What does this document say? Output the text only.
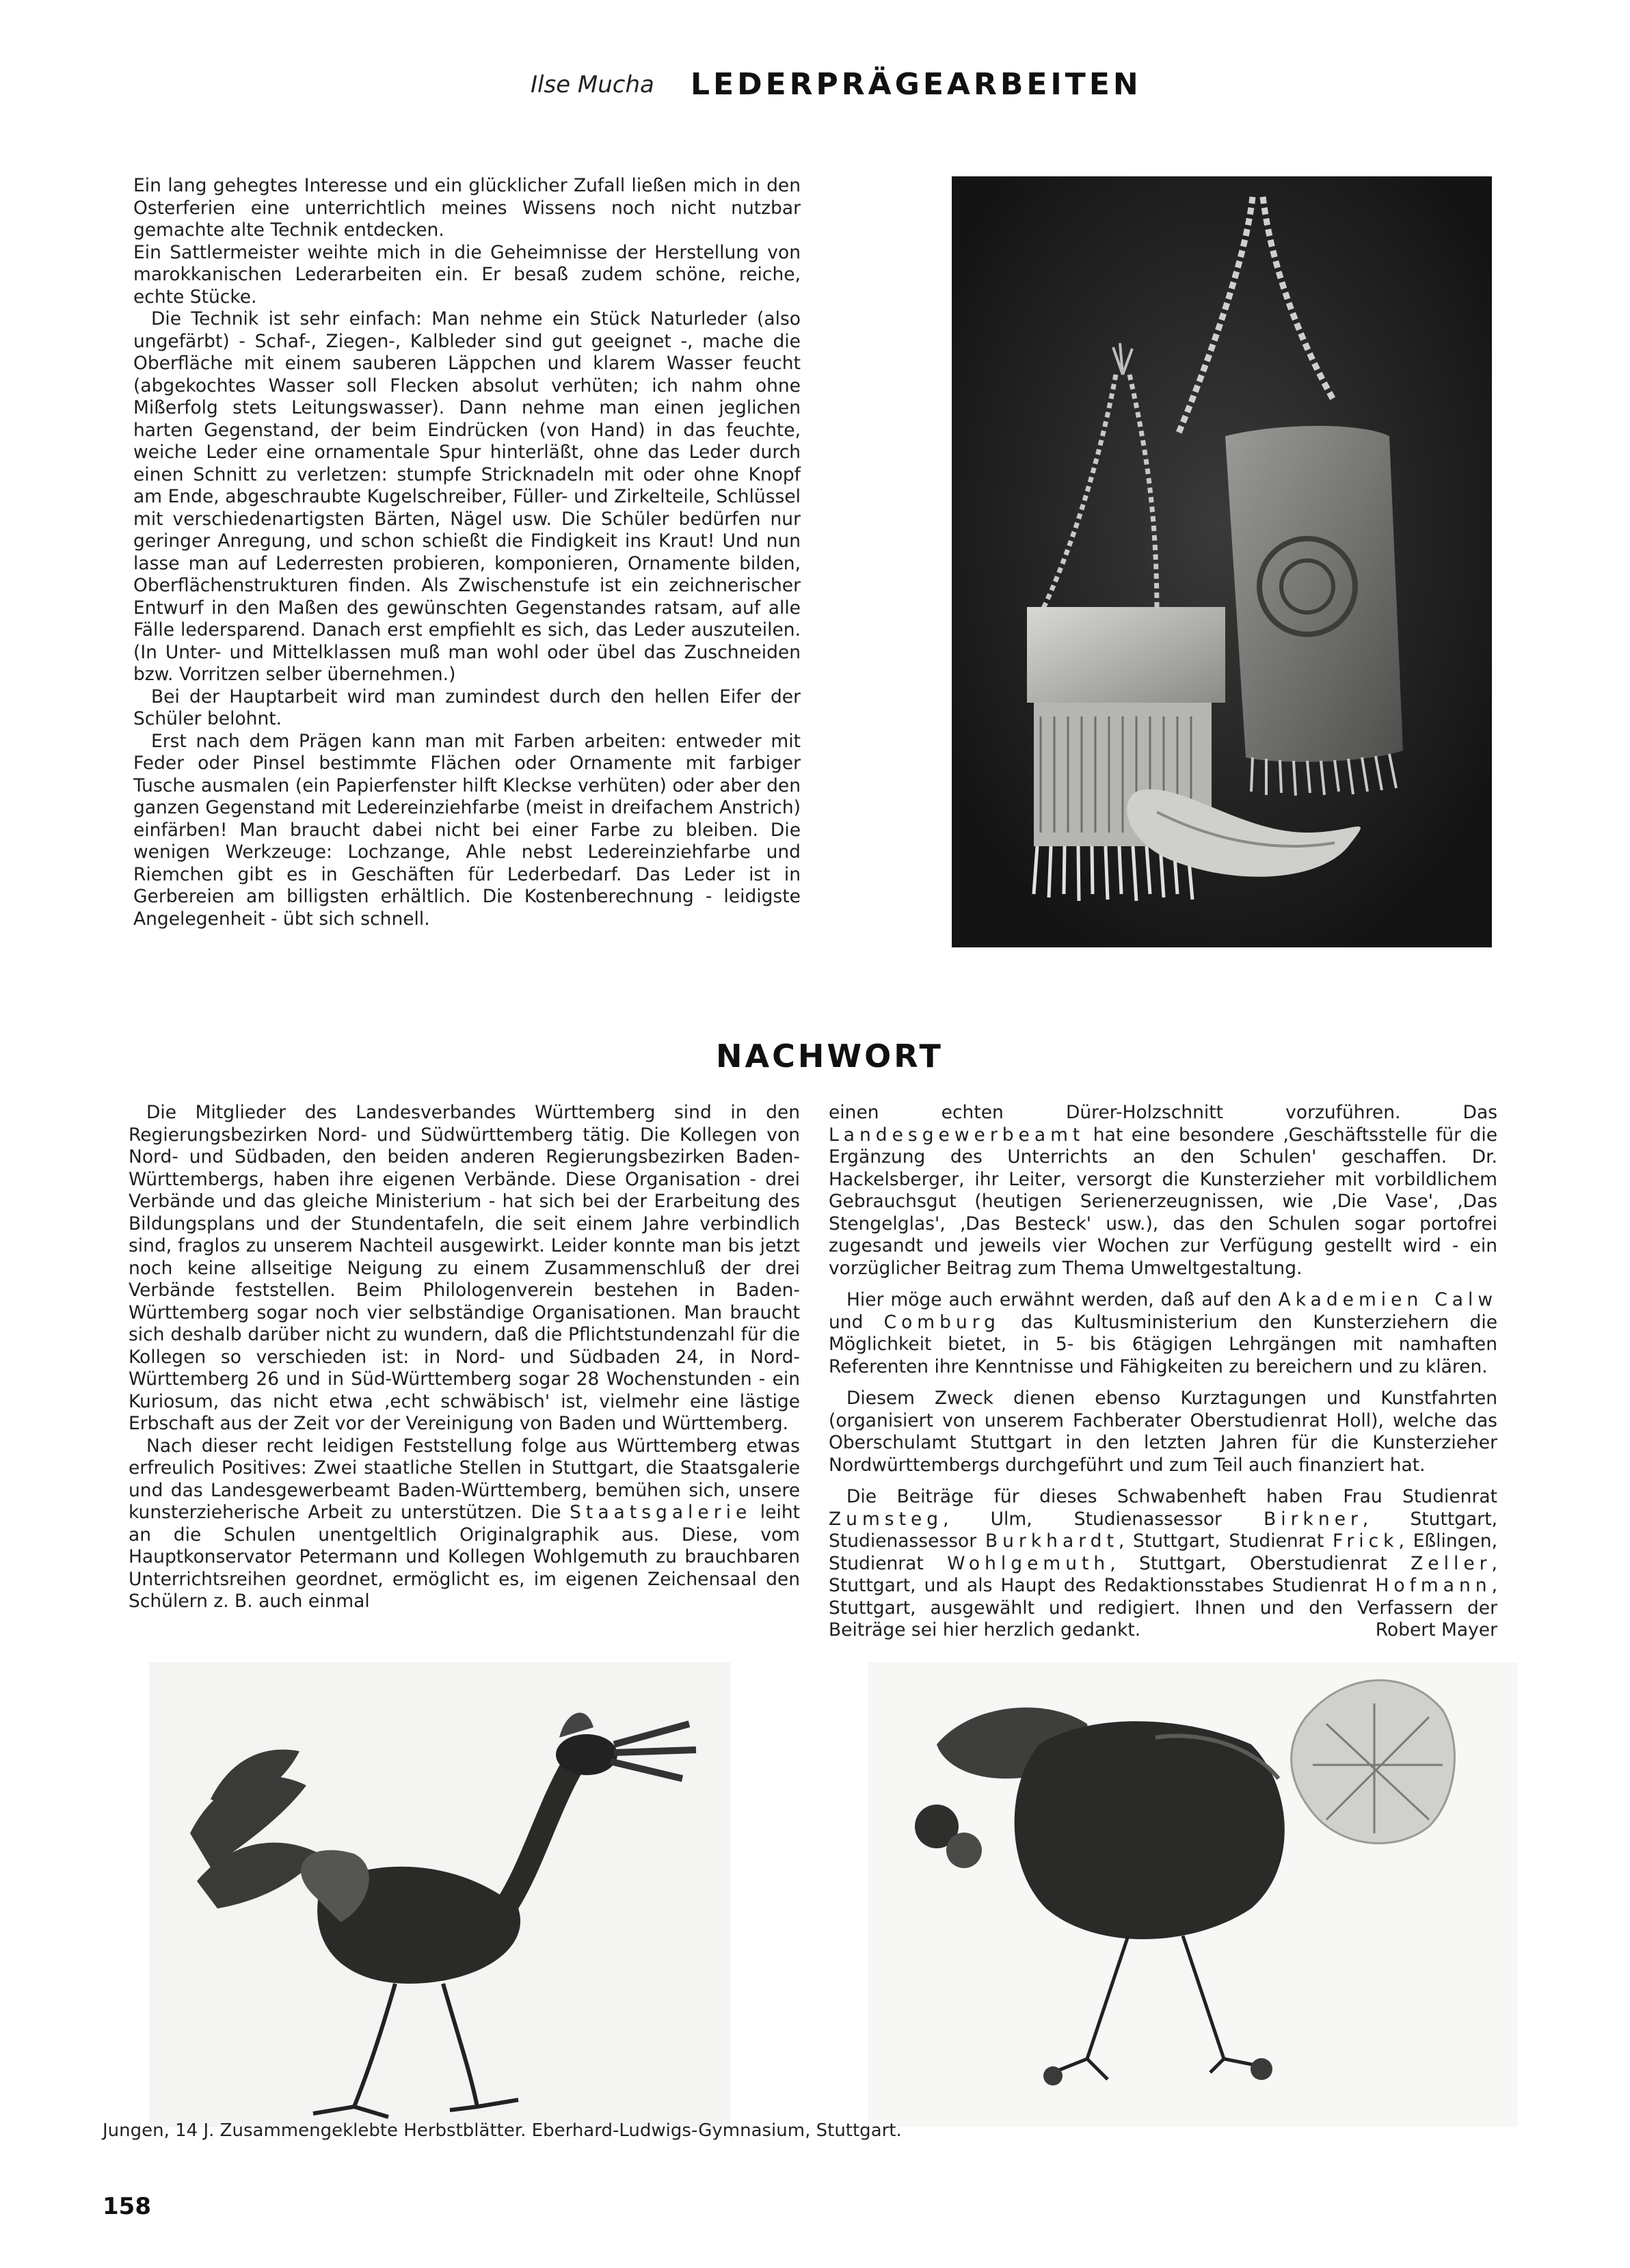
Ilse Mucha LEDERPRÄGEARBEITEN

Ein lang gehegtes Interesse und ein glücklicher Zufall ließen mich in den Osterferien eine unterrichtlich meines Wissens noch nicht nutzbar gemachte alte Technik entdecken.

Ein Sattlermeister weihte mich in die Geheimnisse der Herstellung von marokkanischen Lederarbeiten ein. Er besaß zudem schöne, reiche, echte Stücke.

Die Technik ist sehr einfach: Man nehme ein Stück Naturleder (also ungefärbt) - Schaf-, Ziegen-, Kalbleder sind gut geeignet -, mache die Oberfläche mit einem sauberen Läppchen und klarem Wasser feucht (abgekochtes Wasser soll Flecken absolut verhüten; ich nahm ohne Mißerfolg stets Leitungswasser). Dann nehme man einen jeglichen harten Gegenstand, der beim Eindrücken (von Hand) in das feuchte, weiche Leder eine ornamentale Spur hinterläßt, ohne das Leder durch einen Schnitt zu verletzen: stumpfe Stricknadeln mit oder ohne Knopf am Ende, abgeschraubte Kugelschreiber, Füller- und Zirkelteile, Schlüssel mit verschiedenartigsten Bärten, Nägel usw. Die Schüler bedürfen nur geringer Anregung, und schon schießt die Findigkeit ins Kraut! Und nun lasse man auf Lederresten probieren, komponieren, Ornamente bilden, Oberflächenstrukturen finden. Als Zwischenstufe ist ein zeichnerischer Entwurf in den Maßen des gewünschten Gegenstandes ratsam, auf alle Fälle ledersparend. Danach erst empfiehlt es sich, das Leder auszuteilen. (In Unter- und Mittelklassen muß man wohl oder übel das Zuschneiden bzw. Vorritzen selber übernehmen.)

Bei der Hauptarbeit wird man zumindest durch den hellen Eifer der Schüler belohnt.

Erst nach dem Prägen kann man mit Farben arbeiten: entweder mit Feder oder Pinsel bestimmte Flächen oder Ornamente mit farbiger Tusche ausmalen (ein Papierfenster hilft Kleckse verhüten) oder aber den ganzen Gegenstand mit Ledereinziehfarbe (meist in dreifachem Anstrich) einfärben! Man braucht dabei nicht bei einer Farbe zu bleiben. Die wenigen Werkzeuge: Lochzange, Ahle nebst Ledereinziehfarbe und Riemchen gibt es in Geschäften für Lederbedarf. Das Leder ist in Gerbereien am billigsten erhältlich. Die Kostenberechnung - leidigste Angelegenheit - übt sich schnell.

NACHWORT

Die Mitglieder des Landesverbandes Württemberg sind in den Regierungsbezirken Nord- und Südwürttemberg tätig. Die Kollegen von Nord- und Südbaden, den beiden anderen Regierungsbezirken Baden-Württembergs, haben ihre eigenen Verbände. Diese Organisation - drei Verbände und das gleiche Ministerium - hat sich bei der Erarbeitung des Bildungsplans und der Stundentafeln, die seit einem Jahre verbindlich sind, fraglos zu unserem Nachteil ausgewirkt. Leider konnte man bis jetzt noch keine allseitige Neigung zu einem Zusammenschluß der drei Verbände feststellen. Beim Philologenverein bestehen in Baden-Württemberg sogar noch vier selbständige Organisationen. Man braucht sich deshalb darüber nicht zu wundern, daß die Pflichtstundenzahl für die Kollegen so verschieden ist: in Nord- und Südbaden 24, in Nord-Württemberg 26 und in Süd-Württemberg sogar 28 Wochenstunden - ein Kuriosum, das nicht etwa ‚echt schwäbisch' ist, vielmehr eine lästige Erbschaft aus der Zeit vor der Vereinigung von Baden und Württemberg.

Nach dieser recht leidigen Feststellung folge aus Württemberg etwas erfreulich Positives: Zwei staatliche Stellen in Stuttgart, die Staatsgalerie und das Landesgewerbeamt Baden-Württemberg, bemühen sich, unsere kunsterzieherische Arbeit zu unterstützen. Die Staatsgalerie leiht an die Schulen unentgeltlich Originalgraphik aus. Diese, vom Hauptkonservator Petermann und Kollegen Wohlgemuth zu brauchbaren Unterrichtsreihen geordnet, ermöglicht es, im eigenen Zeichensaal den Schülern z. B. auch einmal

einen echten Dürer-Holzschnitt vorzuführen. Das Landesgewerbeamt hat eine besondere ‚Geschäftsstelle für die Ergänzung des Unterrichts an den Schulen' geschaffen. Dr. Hackelsberger, ihr Leiter, versorgt die Kunsterzieher mit vorbildlichem Gebrauchsgut (heutigen Serienerzeugnissen, wie ‚Die Vase', ‚Das Stengelglas', ‚Das Besteck' usw.), das den Schulen sogar portofrei zugesandt und jeweils vier Wochen zur Verfügung gestellt wird - ein vorzüglicher Beitrag zum Thema Umweltgestaltung.

Hier möge auch erwähnt werden, daß auf den Akademien Calw und Comburg das Kultusministerium den Kunsterziehern die Möglichkeit bietet, in 5- bis 6tägigen Lehrgängen mit namhaften Referenten ihre Kenntnisse und Fähigkeiten zu bereichern und zu klären.

Diesem Zweck dienen ebenso Kurztagungen und Kunstfahrten (organisiert von unserem Fachberater Oberstudienrat Holl), welche das Oberschulamt Stuttgart in den letzten Jahren für die Kunsterzieher Nordwürttembergs durchgeführt und zum Teil auch finanziert hat.

Die Beiträge für dieses Schwabenheft haben Frau Studienrat Zumsteg, Ulm, Studienassessor Birkner, Stuttgart, Studienassessor Burkhardt, Stuttgart, Studienrat Frick, Eßlingen, Studienrat Wohlgemuth, Stuttgart, Oberstudienrat Zeller, Stuttgart, und als Haupt des Redaktionsstabes Studienrat Hofmann, Stuttgart, ausgewählt und redigiert. Ihnen und den Verfassern der Beiträge sei hier herzlich gedankt.	Robert Mayer

Jungen, 14 J. Zusammengeklebte Herbstblätter. Eberhard-Ludwigs-Gymnasium, Stuttgart.
158
